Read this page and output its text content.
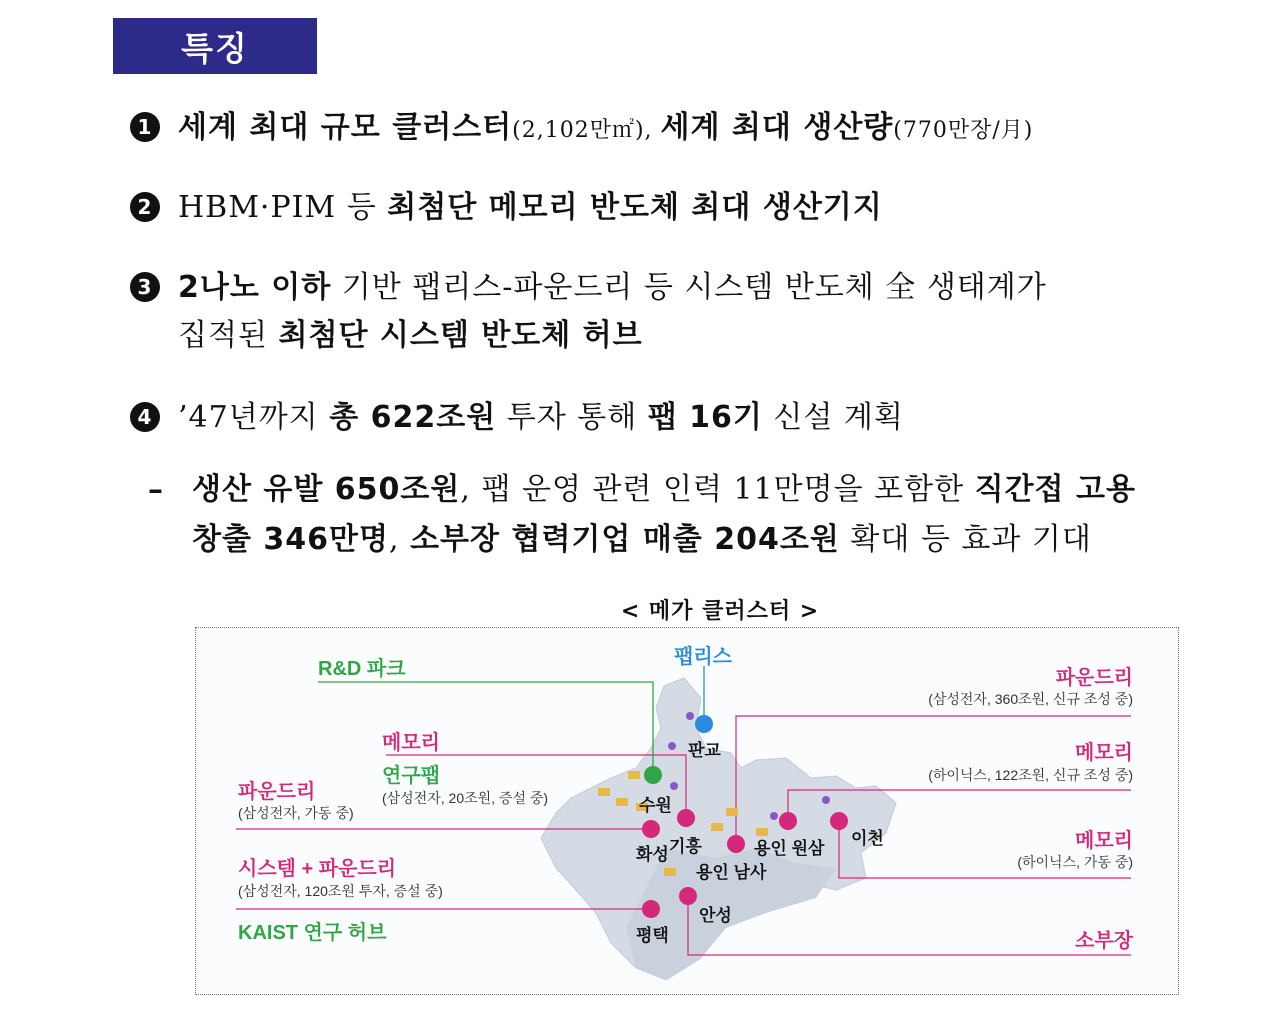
특징
1 세계 최대 규모 클러스터(2,102만㎡), 세계 최대 생산량(770만장/月)
2 HBM·PIM 등 최첨단 메모리 반도체 최대 생산기지
3 2나노 이하 기반 팹리스-파운드리 등 시스템 반도체 全 생태계가
집적된 최첨단 시스템 반도체 허브
4 ’47년까지 총 622조원 투자 통해 팹 16기 신설 계획
– 생산 유발 650조원, 팹 운영 관련 인력 11만명을 포함한 직간접 고용
창출 346만명, 소부장 협력기업 매출 204조원 확대 등 효과 기대
< 메가 클러스터 >
R&D 파크
팹리스
메모리
연구팹
(삼성전자, 20조원, 증설 중)
파운드리
(삼성전자, 가동 중)
시스템 + 파운드리
(삼성전자, 120조원 투자, 증설 중)
KAIST 연구 허브
파운드리
(삼성전자, 360조원, 신규 조성 중)
메모리
(하이닉스, 122조원, 신규 조성 중)
메모리
(하이닉스, 가동 중)
소부장
판교
수원
화성 기흥
용인 남사
용인 원삼
이천
안성
평택
